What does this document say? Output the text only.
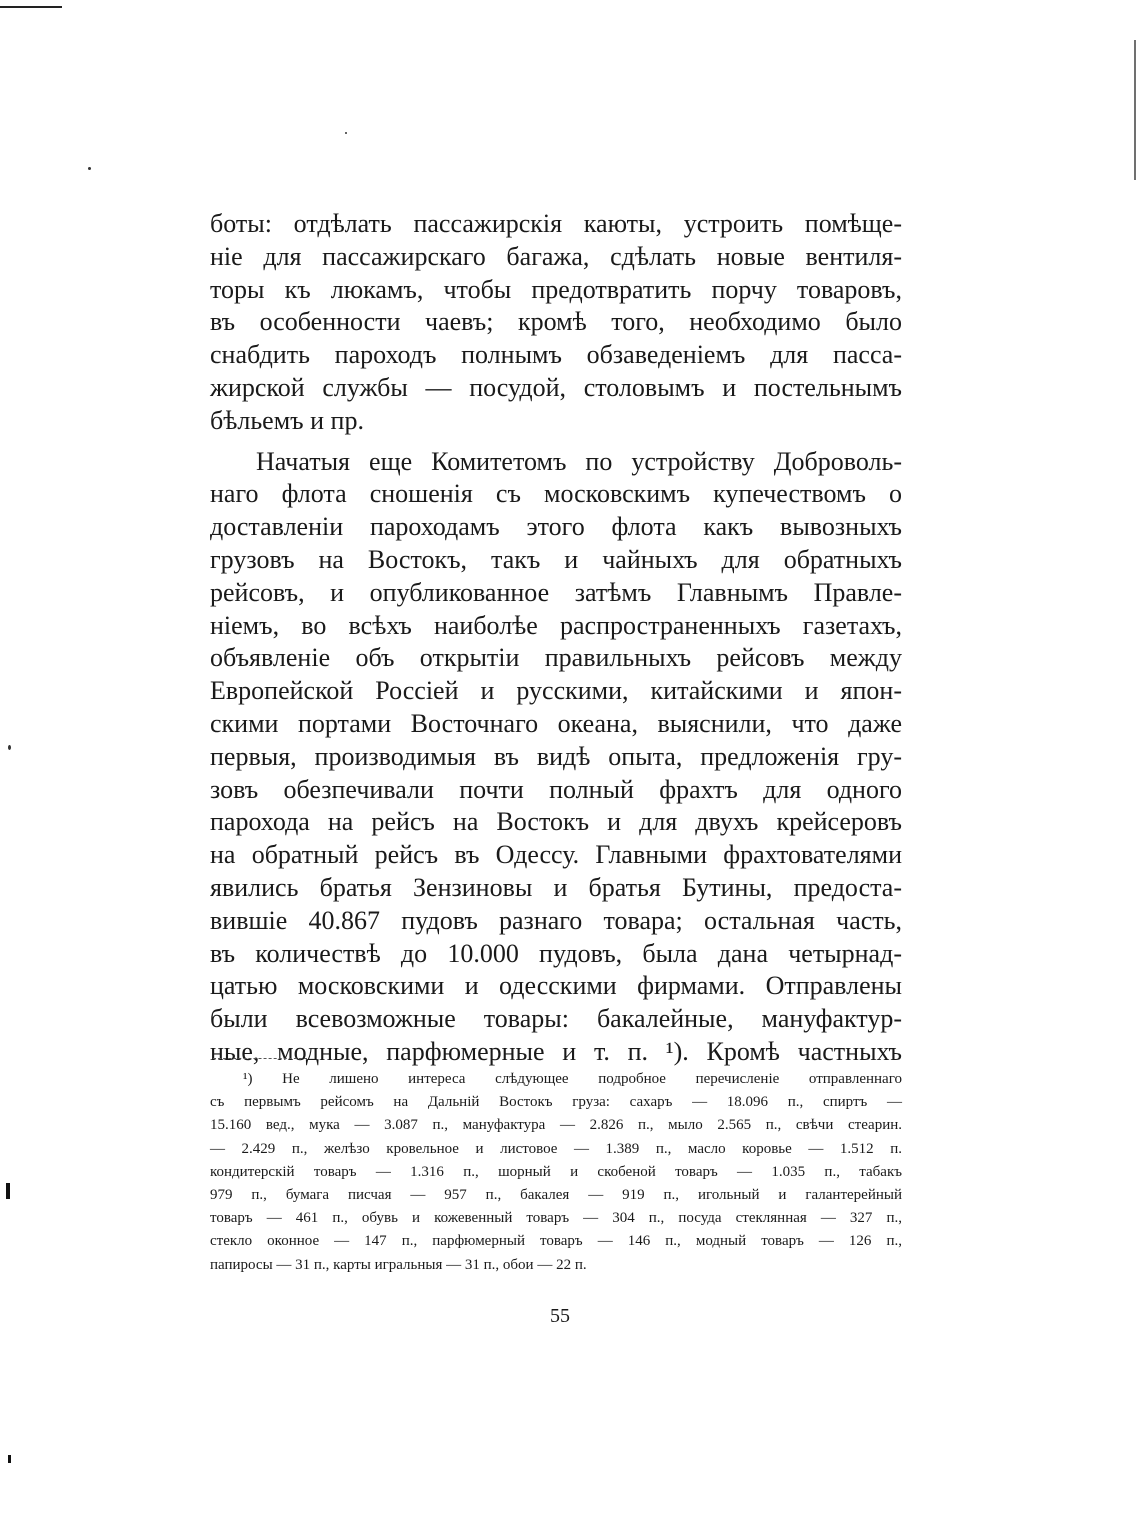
боты: отдѣлать пассажирскія каюты, устроить помѣще-
ніе для пассажирскаго багажа, сдѣлать новые вентиля-
торы къ люкамъ, чтобы предотвратить порчу товаровъ,
въ особенности чаевъ; кромѣ того, необходимо было
снабдить пароходъ полнымъ обзаведеніемъ для пасса-
жирской службы — посудой, столовымъ и постельнымъ
бѣльемъ и пр.
Начатыя еще Комитетомъ по устройству Доброволь-
наго флота сношенія съ московскимъ купечествомъ о
доставленіи пароходамъ этого флота какъ вывозныхъ
грузовъ на Востокъ, такъ и чайныхъ для обратныхъ
рейсовъ, и опубликованное затѣмъ Главнымъ Правле-
ніемъ, во всѣхъ наиболѣе распространенныхъ газетахъ,
объявленіе объ открытіи правильныхъ рейсовъ между
Европейской Россіей и русскими, китайскими и япон-
скими портами Восточнаго океана, выяснили, что даже
первыя, производимыя въ видѣ опыта, предложенія гру-
зовъ обезпечивали почти полный фрахтъ для одного
парохода на рейсъ на Востокъ и для двухъ крейсеровъ
на обратный рейсъ въ Одессу. Главными фрахтователями
явились братья Зензиновы и братья Бутины, предоста-
вившіе 40.867 пудовъ разнаго товара; остальная часть,
въ количествѣ до 10.000 пудовъ, была дана четырнад-
цатью московскими и одесскими фирмами. Отправлены
были всевозможные товары: бакалейные, мануфактур-
ные, модные, парфюмерные и т. п. ¹). Кромѣ частныхъ
¹) Не лишено интереса слѣдующее подробное перечисленіе отправленнаго
съ первымъ рейсомъ на Дальній Востокъ груза: сахаръ — 18.096 п., спиртъ —
15.160 вед., мука — 3.087 п., мануфактура — 2.826 п., мыло 2.565 п., свѣчи стеарин.
— 2.429 п., желѣзо кровельное и листовое — 1.389 п., масло коровье — 1.512 п.
кондитерскій товаръ — 1.316 п., шорный и скобеной товаръ — 1.035 п., табакъ
979 п., бумага писчая — 957 п., бакалея — 919 п., игольный и галантерейный
товаръ — 461 п., обувь и кожевенный товаръ — 304 п., посуда стеклянная — 327 п.,
стекло оконное — 147 п., парфюмерный товаръ — 146 п., модный товаръ — 126 п.,
папиросы — 31 п., карты игральныя — 31 п., обои — 22 п.
55
